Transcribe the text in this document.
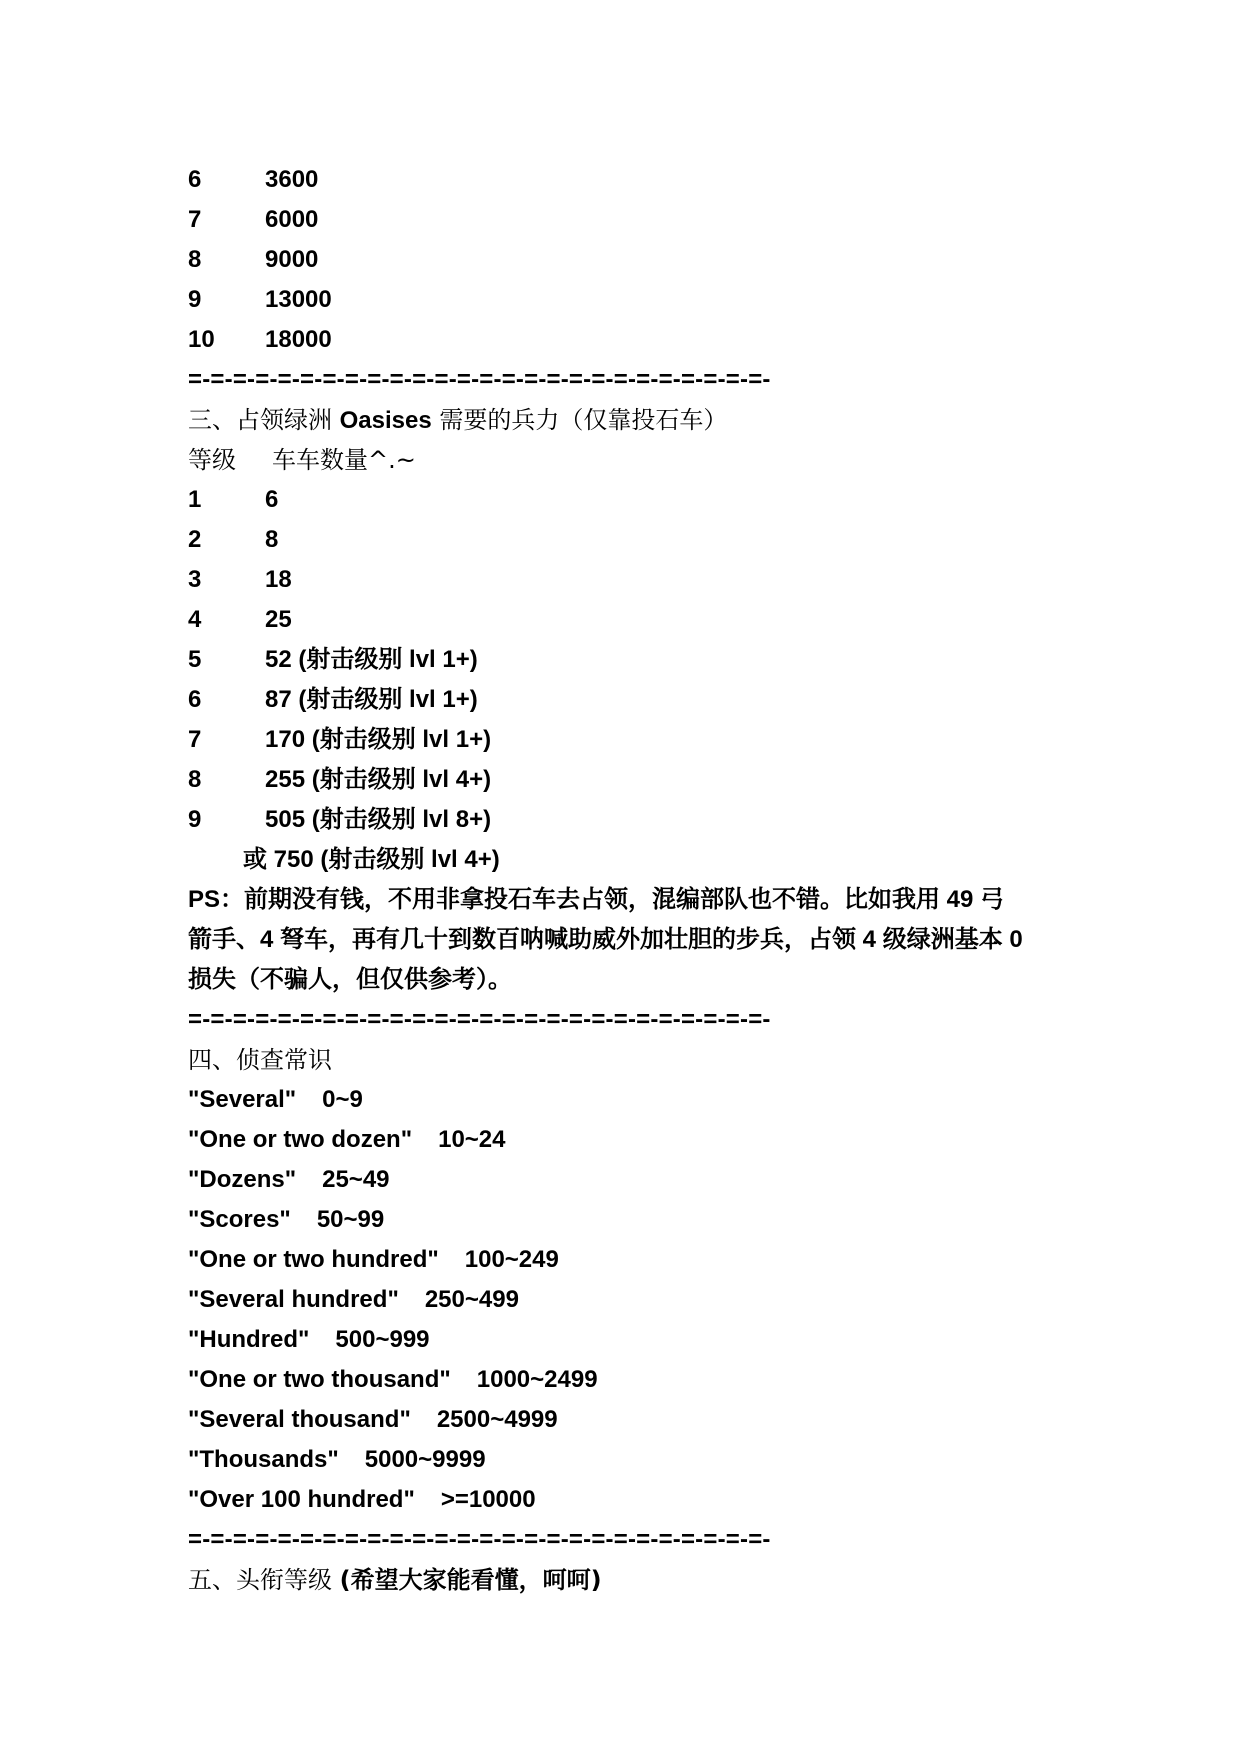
6	3600
7	6000
8	9000
9	13000
10 18000
=-=-=-=-=-=-=-=-=-=-=-=-=-=-=-=-=-=-=-=-=-=-=-=-=-=-
三、占领绿洲 Oasises 需要的兵力（仅靠投石车）
等级 车车数量^.~
1	6
2	8
3	18
4	25
5	52 (射击级别 lvl 1+)
6	87 (射击级别 lvl 1+)
7	170 (射击级别 lvl 1+)
8	255 (射击级别 lvl 4+)
9	505 (射击级别 lvl 8+)
或 750 (射击级别 lvl 4+)
PS：前期没有钱，不用非拿投石车去占领，混编部队也不错。比如我用 49 弓
箭手、4 弩车，再有几十到数百呐喊助威外加壮胆的步兵，占领 4 级绿洲基本 0
损失（不骗人，但仅供参考）。
=-=-=-=-=-=-=-=-=-=-=-=-=-=-=-=-=-=-=-=-=-=-=-=-=-=-
四、侦查常识
"Several" 0~9
"One or two dozen" 10~24
"Dozens" 25~49
"Scores" 50~99
"One or two hundred" 100~249
"Several hundred" 250~499
"Hundred" 500~999
"One or two thousand" 1000~2499
"Several thousand" 2500~4999
"Thousands" 5000~9999
"Over 100 hundred" >=10000
=-=-=-=-=-=-=-=-=-=-=-=-=-=-=-=-=-=-=-=-=-=-=-=-=-=-
五、头衔等级 (希望大家能看懂，呵呵)
